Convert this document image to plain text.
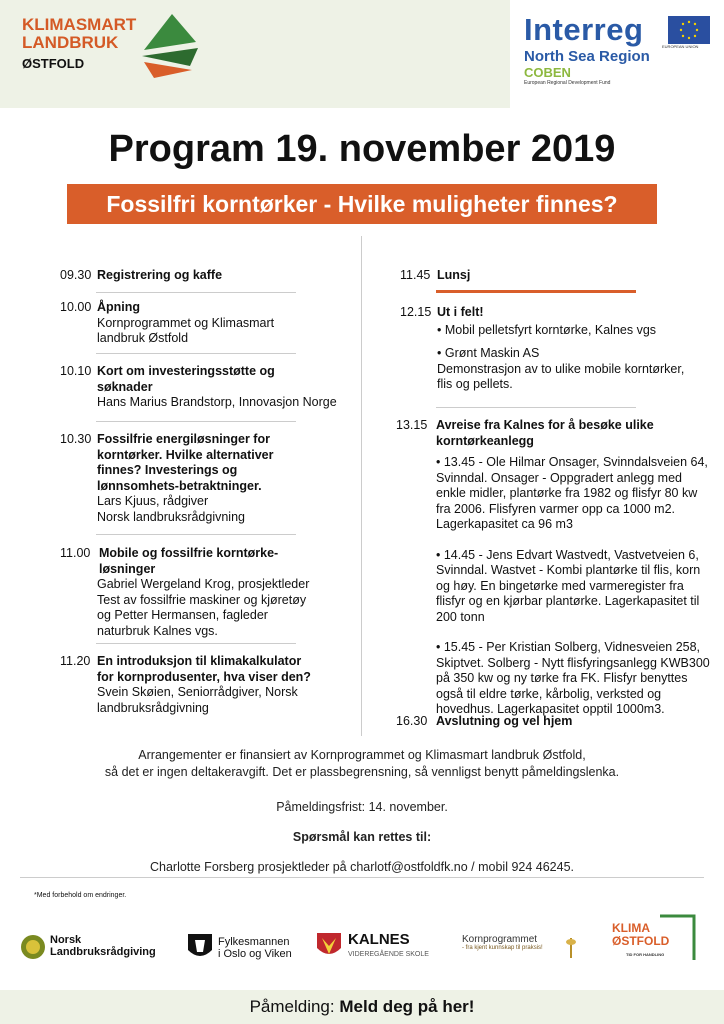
KLIMASMART
LANDBRUK
ØSTFOLD
Interreg
North Sea Region
COBEN
European Regional Development Fund
EUROPEAN UNION
Program 19. november 2019
Fossilfri korntørker - Hvilke muligheter finnes?
09.30 Registrering og kaffe
10.00 Åpning
Kornprogrammet og Klimasmart
landbruk Østfold
10.10 Kort om investeringsstøtte og søknader
Hans Marius Brandstorp, Innovasjon Norge
10.30 Fossilfrie energiløsninger for korntørker. Hvilke alternativer finnes? Investerings og lønnsomhets-betraktninger.
Lars Kjuus, rådgiver
Norsk landbruksrådgivning
11.00 Mobile og fossilfrie korntørke-løsninger
Gabriel Wergeland Krog, prosjektleder
Test av fossilfrie maskiner og kjøretøy
og Petter Hermansen, fagleder
naturbruk Kalnes vgs.
11.20 En introduksjon til klimakalkulator for kornprodusenter, hva viser den?
Svein Skøien, Seniorrådgiver, Norsk
landbruksrådgivning
11.45 Lunsj
12.15 Ut i felt!
• Mobil pelletsfyrt korntørke, Kalnes vgs
• Grønt Maskin AS
Demonstrasjon av to ulike mobile korntørker, flis og pellets.
13.15 Avreise fra Kalnes for å besøke ulike korntørkeanlegg
• 13.45 - Ole Hilmar Onsager, Svinndalsveien 64, Svinndal. Onsager - Oppgradert anlegg med enkle midler, plantørke fra 1982 og flisfyr 80 kw fra 2006. Flisfyren varmer opp ca 1000 m2. Lagerkapasitet ca 96 m3
• 14.45 - Jens Edvart Wastvedt, Vastvetveien 6, Svinndal. Wastvet - Kombi plantørke til flis, korn og høy. En bingetørke med varmeregister fra flisfyr og en kjørbar plantørke. Lagerkapasitet til 200 tonn
• 15.45 - Per Kristian Solberg, Vidnesveien 258, Skiptvet. Solberg - Nytt flisfyringsanlegg KWB300 på 350 kw og ny tørke fra FK. Flisfyr benyttes også til eldre tørke, kårbolig, verksted og hovedhus. Lagerkapasitet opptil 1000m3.
16.30 Avslutning og vel hjem
Arrangementer er finansiert av Kornprogrammet og Klimasmart landbruk Østfold,
så det er ingen deltakeravgift. Det er plassbegrensning, så vennligst benytt påmeldingslenka.
Påmeldingsfrist: 14. november.
Spørsmål kan rettes til:
Charlotte Forsberg prosjektleder på charlotf@ostfoldfk.no / mobil 924 46245.
*Med forbehold om endringer.
Norsk
Landbruksrådgiving
Fylkesmannen
i Oslo og Viken
KALNES
VIDEREGÅENDE SKOLE
Kornprogrammet
- fra kjent kunnskap til praksis!
KLIMA
ØSTFOLD
TID FOR HANDLING
Påmelding: Meld deg på her!
